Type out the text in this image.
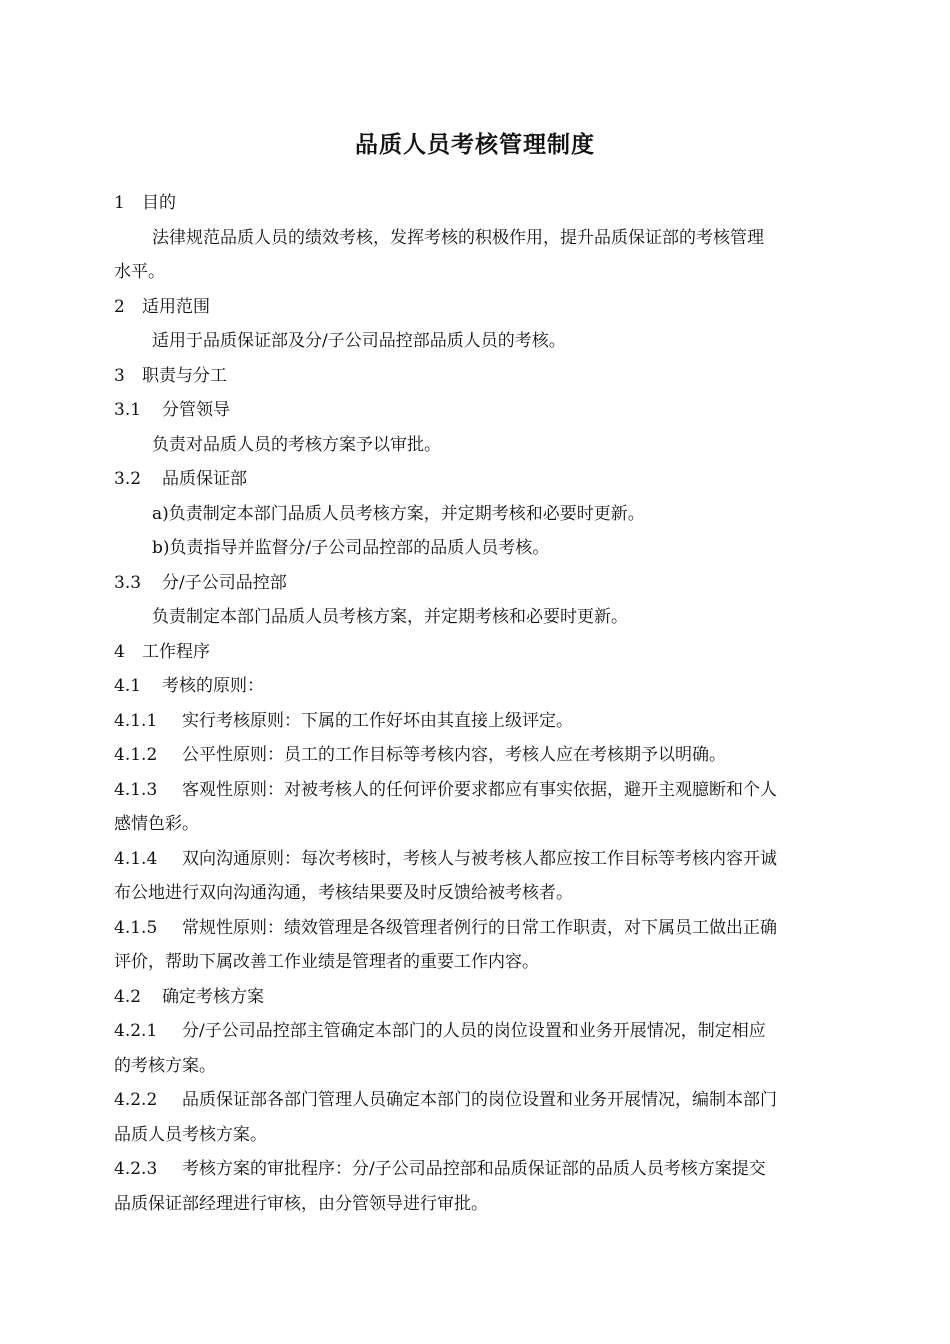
品质人员考核管理制度
1 目的
法律规范品质人员的绩效考核，发挥考核的积极作用，提升品质保证部的考核管理
水平。
2 适用范围
适用于品质保证部及分/子公司品控部品质人员的考核。
3 职责与分工
3.1 分管领导
负责对品质人员的考核方案予以审批。
3.2 品质保证部
a)负责制定本部门品质人员考核方案，并定期考核和必要时更新。
b)负责指导并监督分/子公司品控部的品质人员考核。
3.3 分/子公司品控部
负责制定本部门品质人员考核方案，并定期考核和必要时更新。
4 工作程序
4.1 考核的原则：
4.1.1 实行考核原则：下属的工作好坏由其直接上级评定。
4.1.2 公平性原则：员工的工作目标等考核内容，考核人应在考核期予以明确。
4.1.3 客观性原则：对被考核人的任何评价要求都应有事实依据，避开主观臆断和个人
感情色彩。
4.1.4 双向沟通原则：每次考核时，考核人与被考核人都应按工作目标等考核内容开诚
布公地进行双向沟通沟通，考核结果要及时反馈给被考核者。
4.1.5 常规性原则：绩效管理是各级管理者例行的日常工作职责，对下属员工做出正确
评价，帮助下属改善工作业绩是管理者的重要工作内容。
4.2 确定考核方案
4.2.1 分/子公司品控部主管确定本部门的人员的岗位设置和业务开展情况，制定相应
的考核方案。
4.2.2 品质保证部各部门管理人员确定本部门的岗位设置和业务开展情况，编制本部门
品质人员考核方案。
4.2.3 考核方案的审批程序：分/子公司品控部和品质保证部的品质人员考核方案提交
品质保证部经理进行审核，由分管领导进行审批。
